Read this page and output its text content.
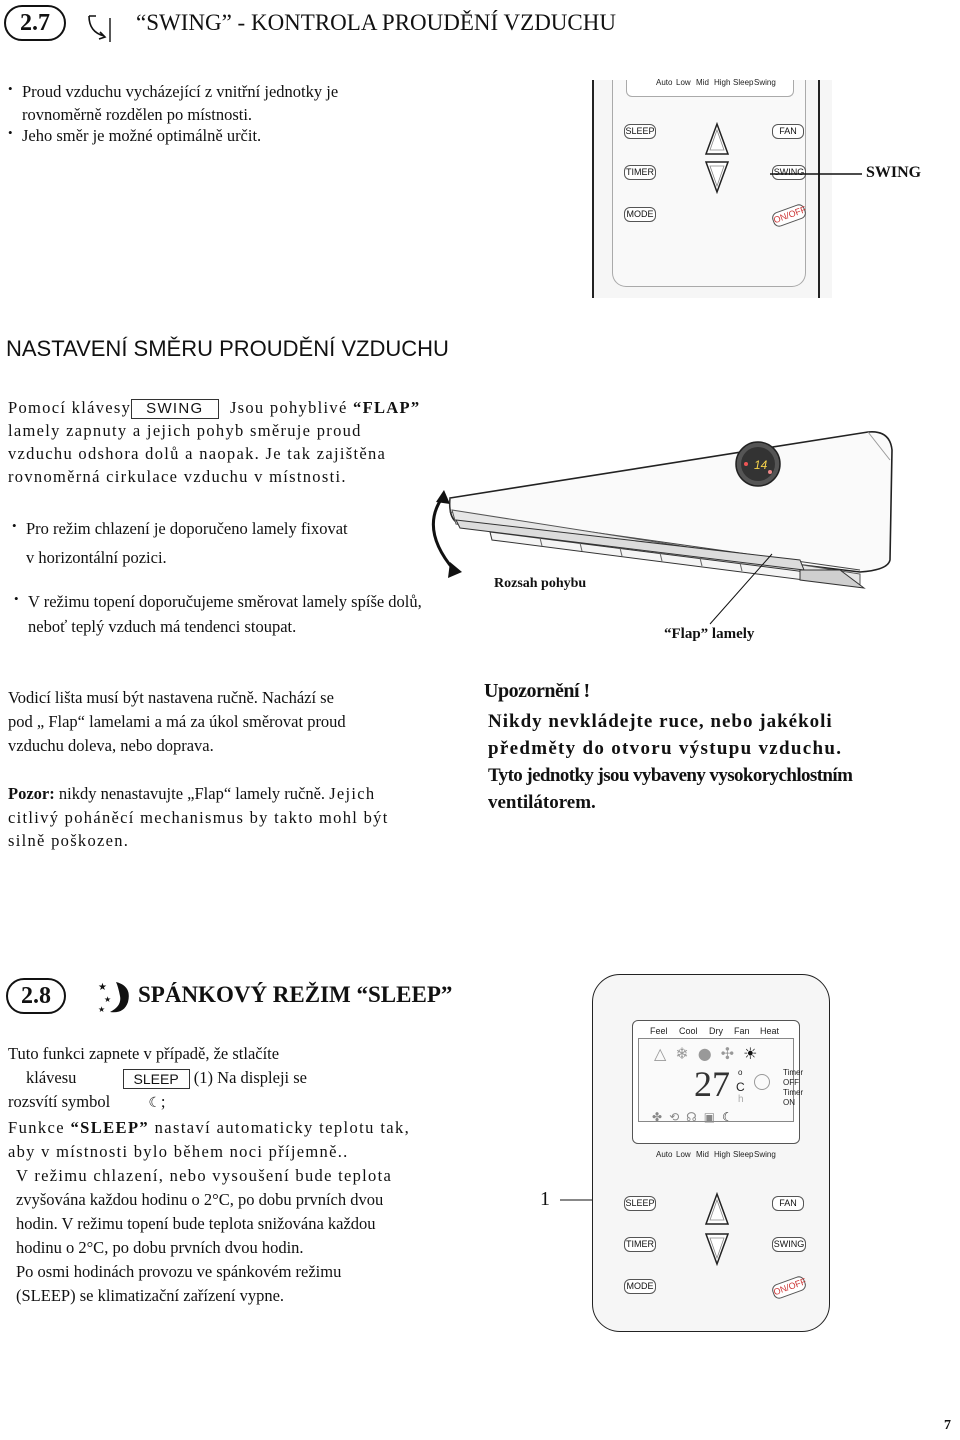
2.7	“SWING” - KONTROLA PROUDĚNÍ VZDUCHU
• Proud vzduchu vycházející z vnitřní jednotky je
rovnoměrně rozdělen po místnosti.
• Jeho směr je možné optimálně určit.
Auto Low Mid High Sleep Swing
SLEEP	FAN
TIMER	SWING
MODE	ON/OFF
SWING
NASTAVENÍ SMĚRU PROUDĚNÍ VZDUCHU
Pomocí klávesy SWING Jsou pohyblivé “FLAP”
lamely zapnuty a jejich pohyb směruje proud
vzduchu odshora dolů a naopak. Je tak zajištěna
rovnoměrná cirkulace vzduchu v místnosti.
• Pro režim chlazení je doporučeno lamely fixovat
v horizontální pozici.
• V režimu topení doporučujeme směrovat lamely spíše dolů,
neboť teplý vzduch má tendenci stoupat.
14
Rozsah pohybu
“Flap” lamely
Vodicí lišta musí být nastavena ručně. Nachází se
pod „ Flap“ lamelami a má za úkol směrovat proud
vzduchu doleva, nebo doprava.
Pozor: nikdy nenastavujte „Flap“ lamely ručně. Jejich
citlivý poháněcí mechanismus by takto mohl být
silně poškozen.
Upozornění !
Nikdy nevkládejte ruce, nebo jakékoli
předměty do otvoru výstupu vzduchu.
Tyto jednotky jsou vybaveny vysokorychlostním
ventilátorem.
2.8	★
★
★
SPÁNKOVÝ REŽIM “SLEEP”
Tuto funkci zapnete v případě, že stlačíte
klávesu	SLEEP (1) Na displeji se
rozsvítí symbol	☾;
Funkce “SLEEP” nastaví automaticky teplotu tak,
aby v místnosti bylo během noci příjemně..
V režimu chlazení, nebo vysoušení bude teplota
zvyšována každou hodinu o 2°C, po dobu prvních dvou
hodin. V režimu topení bude teplota snižována každou
hodinu o 2°C, po dobu prvních dvou hodin.
Po osmi hodinách provozu ve spánkovém režimu
(SLEEP) se klimatizační zařízení vypne.
1
Feel Cool Dry Fan Heat
△❄●✣☀
27 o
C
h
Timer
OFF
Timer
ON
✤⟲☊▣☾
Auto Low Mid High Sleep Swing
SLEEP	FAN
TIMER	SWING
MODE	ON/OFF
7
